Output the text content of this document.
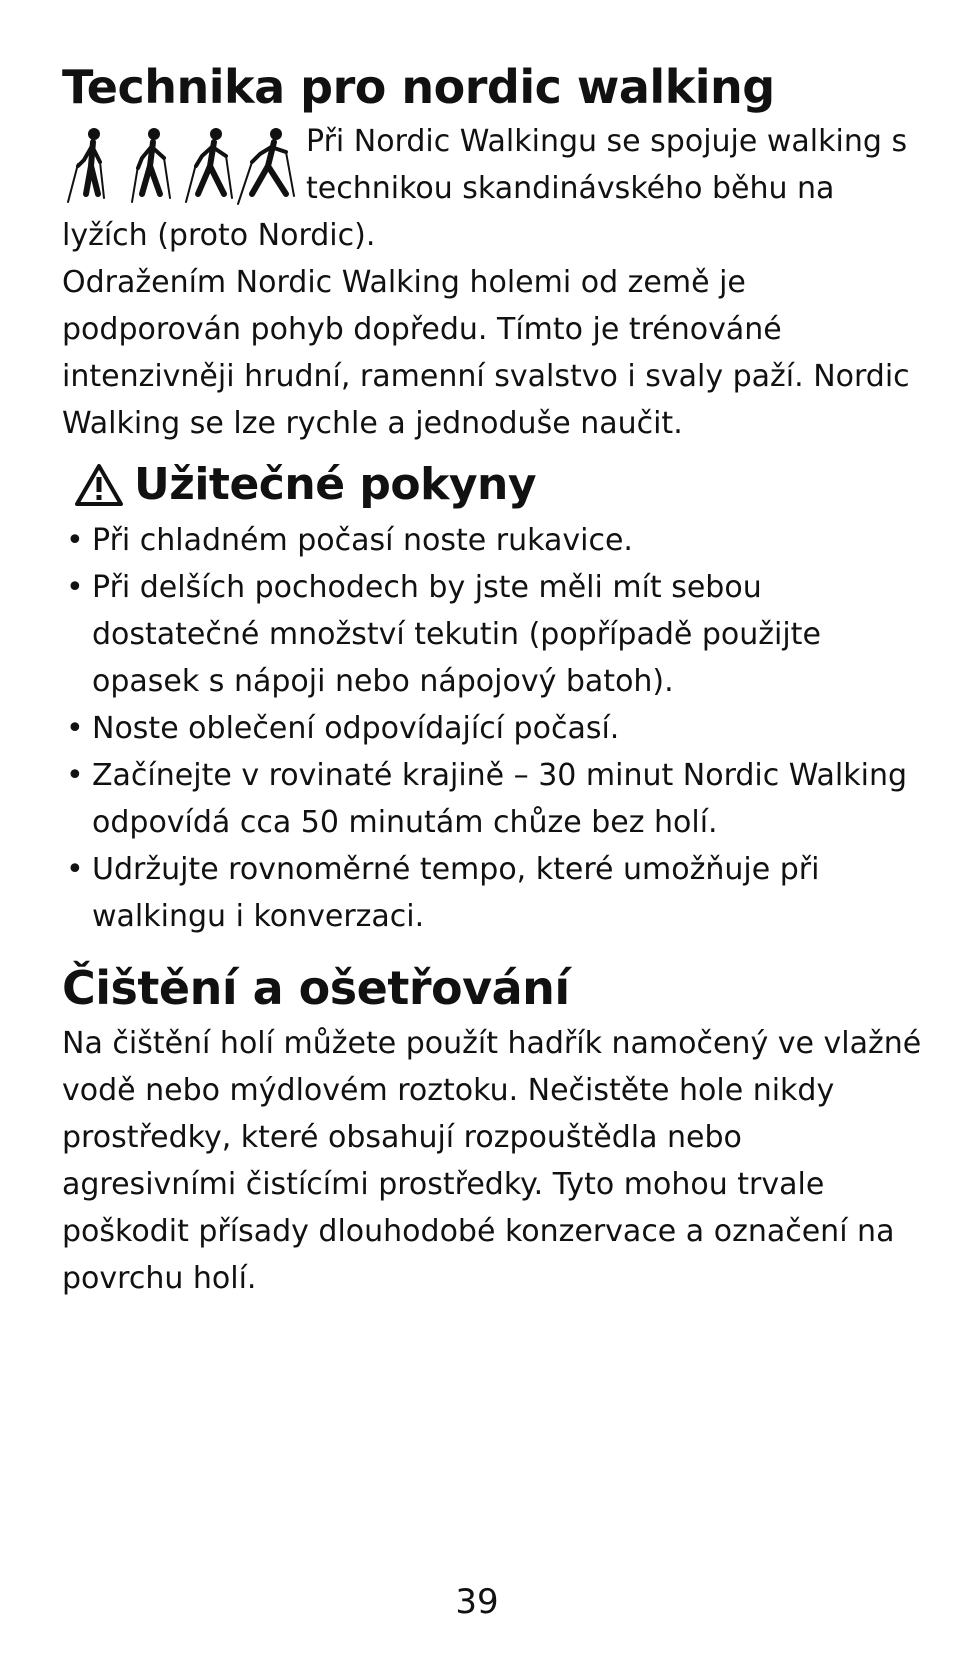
Technika pro nordic walking

Při Nordic Walkingu se spojuje walking s technikou skandinávského běhu na lyžích (proto Nordic).

Odražením Nordic Walking holemi od země je podporován pohyb dopředu. Tímto je trénováné intenzivněji hrudní, ramenní svalstvo i svaly paží. Nordic Walking se lze rychle a jednoduše naučit.

Užitečné pokyny
• Při chladném počasí noste rukavice.
• Při delších pochodech by jste měli mít sebou dostatečné množství tekutin (popřípadě použijte opasek s nápoji nebo nápojový batoh).
• Noste oblečení odpovídající počasí.
• Začínejte v rovinaté krajině – 30 minut Nordic Walking odpovídá cca 50 minutám chůze bez holí.
• Udržujte rovnoměrné tempo, které umožňuje při walkingu i konverzaci.
Čištění a ošetřování

Na čištění holí můžete použít hadřík namočený ve vlažné vodě nebo mýdlovém roztoku. Nečistěte hole nikdy prostředky, které obsahují rozpouštědla nebo agresivními čistícími prostředky. Tyto mohou trvale poškodit přísady dlouhodobé konzervace a označení na povrchu holí.

39
